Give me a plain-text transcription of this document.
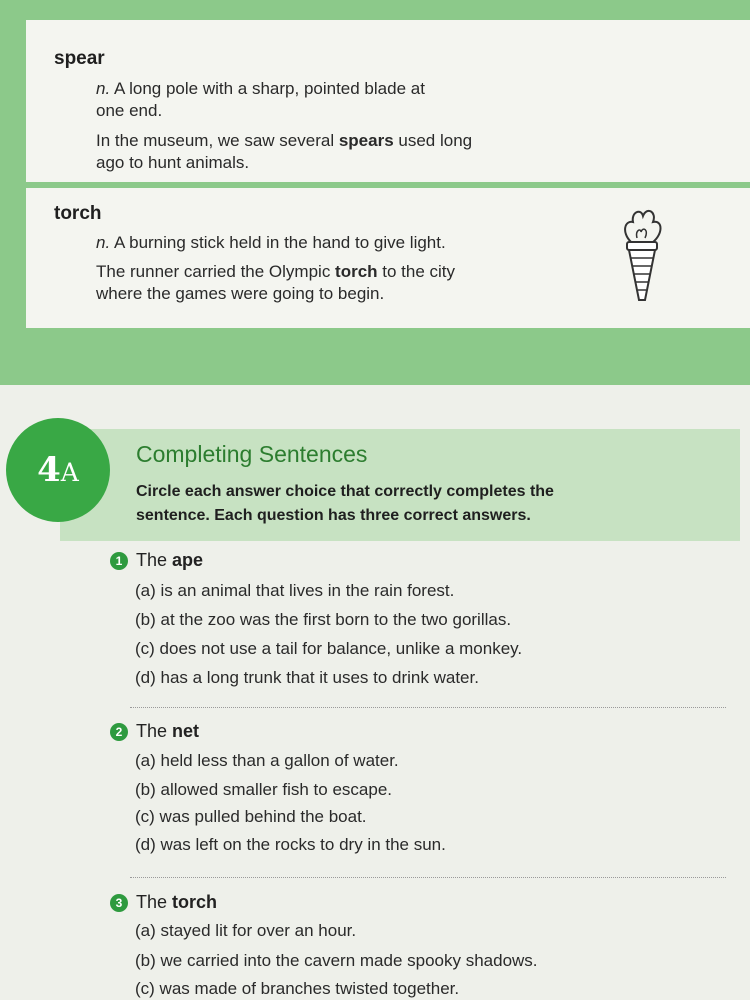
spear
n. A long pole with a sharp, pointed blade at
one end.
In the museum, we saw several spears used long
ago to hunt animals.
torch
n. A burning stick held in the hand to give light.
The runner carried the Olympic torch to the city
where the games were going to begin.
4A
Completing Sentences
Circle each answer choice that correctly completes the
sentence. Each question has three correct answers.
1 The ape
(a) is an animal that lives in the rain forest.
(b) at the zoo was the first born to the two gorillas.
(c) does not use a tail for balance, unlike a monkey.
(d) has a long trunk that it uses to drink water.
2 The net
(a) held less than a gallon of water.
(b) allowed smaller fish to escape.
(c) was pulled behind the boat.
(d) was left on the rocks to dry in the sun.
3 The torch
(a) stayed lit for over an hour.
(b) we carried into the cavern made spooky shadows.
(c) was made of branches twisted together.
